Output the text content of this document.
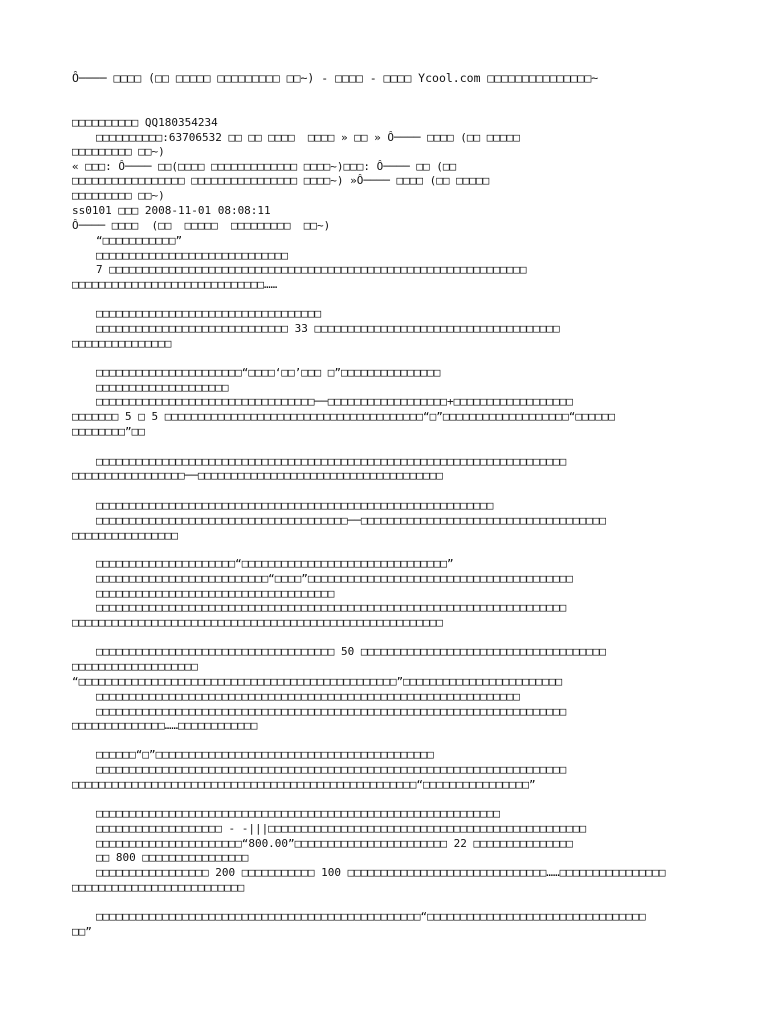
Ô──── □□□□ (□□ □□□□□ □□□□□□□□□ □□~) - □□□□ - □□□□ Ycool.com □□□□□□□□□□□□□□□~
□□□□□□□□□□ QQ180354234
□□□□□□□□□□:63706532 □□ □□ □□□□  □□□□ » □□ » Ô──── □□□□ (□□ □□□□□
□□□□□□□□□ □□~)
« □□□: Ô──── □□(□□□□ □□□□□□□□□□□□□ □□□□~)□□□: Ô──── □□ (□□
□□□□□□□□□□□□□□□□□ □□□□□□□□□□□□□□□□ □□□□~) »Ô──── □□□□ (□□ □□□□□
□□□□□□□□□ □□~)
ss0101 □□□ 2008-11-01 08:08:11
Ô──── □□□□  (□□  □□□□□  □□□□□□□□□  □□~)
“□□□□□□□□□□□”
□□□□□□□□□□□□□□□□□□□□□□□□□□□□□
7 □□□□□□□□□□□□□□□□□□□□□□□□□□□□□□□□□□□□□□□□□□□□□□□□□□□□□□□□□□□□□□□
□□□□□□□□□□□□□□□□□□□□□□□□□□□□□……
□□□□□□□□□□□□□□□□□□□□□□□□□□□□□□□□□□
□□□□□□□□□□□□□□□□□□□□□□□□□□□□□ 33 □□□□□□□□□□□□□□□□□□□□□□□□□□□□□□□□□□□□□
□□□□□□□□□□□□□□□
□□□□□□□□□□□□□□□□□□□□□□“□□□□‘□□’□□□ □”□□□□□□□□□□□□□□□
□□□□□□□□□□□□□□□□□□□□
□□□□□□□□□□□□□□□□□□□□□□□□□□□□□□□□□──□□□□□□□□□□□□□□□□□□+□□□□□□□□□□□□□□□□□□
□□□□□□□ 5 □ 5 □□□□□□□□□□□□□□□□□□□□□□□□□□□□□□□□□□□□□□□“□”□□□□□□□□□□□□□□□□□□□“□□□□□□
□□□□□□□□”□□
□□□□□□□□□□□□□□□□□□□□□□□□□□□□□□□□□□□□□□□□□□□□□□□□□□□□□□□□□□□□□□□□□□□□□□□
□□□□□□□□□□□□□□□□□──□□□□□□□□□□□□□□□□□□□□□□□□□□□□□□□□□□□□□
□□□□□□□□□□□□□□□□□□□□□□□□□□□□□□□□□□□□□□□□□□□□□□□□□□□□□□□□□□□□
□□□□□□□□□□□□□□□□□□□□□□□□□□□□□□□□□□□□□□──□□□□□□□□□□□□□□□□□□□□□□□□□□□□□□□□□□□□□
□□□□□□□□□□□□□□□□
□□□□□□□□□□□□□□□□□□□□□“□□□□□□□□□□□□□□□□□□□□□□□□□□□□□□□”
□□□□□□□□□□□□□□□□□□□□□□□□□□“□□□□”□□□□□□□□□□□□□□□□□□□□□□□□□□□□□□□□□□□□□□□□
□□□□□□□□□□□□□□□□□□□□□□□□□□□□□□□□□□□□
□□□□□□□□□□□□□□□□□□□□□□□□□□□□□□□□□□□□□□□□□□□□□□□□□□□□□□□□□□□□□□□□□□□□□□□
□□□□□□□□□□□□□□□□□□□□□□□□□□□□□□□□□□□□□□□□□□□□□□□□□□□□□□□□
□□□□□□□□□□□□□□□□□□□□□□□□□□□□□□□□□□□□ 50 □□□□□□□□□□□□□□□□□□□□□□□□□□□□□□□□□□□□□
□□□□□□□□□□□□□□□□□□□
“□□□□□□□□□□□□□□□□□□□□□□□□□□□□□□□□□□□□□□□□□□□□□□□□”□□□□□□□□□□□□□□□□□□□□□□□□
□□□□□□□□□□□□□□□□□□□□□□□□□□□□□□□□□□□□□□□□□□□□□□□□□□□□□□□□□□□□□□□□
□□□□□□□□□□□□□□□□□□□□□□□□□□□□□□□□□□□□□□□□□□□□□□□□□□□□□□□□□□□□□□□□□□□□□□□
□□□□□□□□□□□□□□……□□□□□□□□□□□□
□□□□□□“□”□□□□□□□□□□□□□□□□□□□□□□□□□□□□□□□□□□□□□□□□□□
□□□□□□□□□□□□□□□□□□□□□□□□□□□□□□□□□□□□□□□□□□□□□□□□□□□□□□□□□□□□□□□□□□□□□□□
□□□□□□□□□□□□□□□□□□□□□□□□□□□□□□□□□□□□□□□□□□□□□□□□□□□□“□□□□□□□□□□□□□□□□”
□□□□□□□□□□□□□□□□□□□□□□□□□□□□□□□□□□□□□□□□□□□□□□□□□□□□□□□□□□□□□
□□□□□□□□□□□□□□□□□□□ - -|||□□□□□□□□□□□□□□□□□□□□□□□□□□□□□□□□□□□□□□□□□□□□□□□□
□□□□□□□□□□□□□□□□□□□□□□“800.00”□□□□□□□□□□□□□□□□□□□□□□□ 22 □□□□□□□□□□□□□□□
□□ 800 □□□□□□□□□□□□□□□□
□□□□□□□□□□□□□□□□□ 200 □□□□□□□□□□□ 100 □□□□□□□□□□□□□□□□□□□□□□□□□□□□□□……□□□□□□□□□□□□□□□□
□□□□□□□□□□□□□□□□□□□□□□□□□□
□□□□□□□□□□□□□□□□□□□□□□□□□□□□□□□□□□□□□□□□□□□□□□□□□“□□□□□□□□□□□□□□□□□□□□□□□□□□□□□□□□□
□□”
